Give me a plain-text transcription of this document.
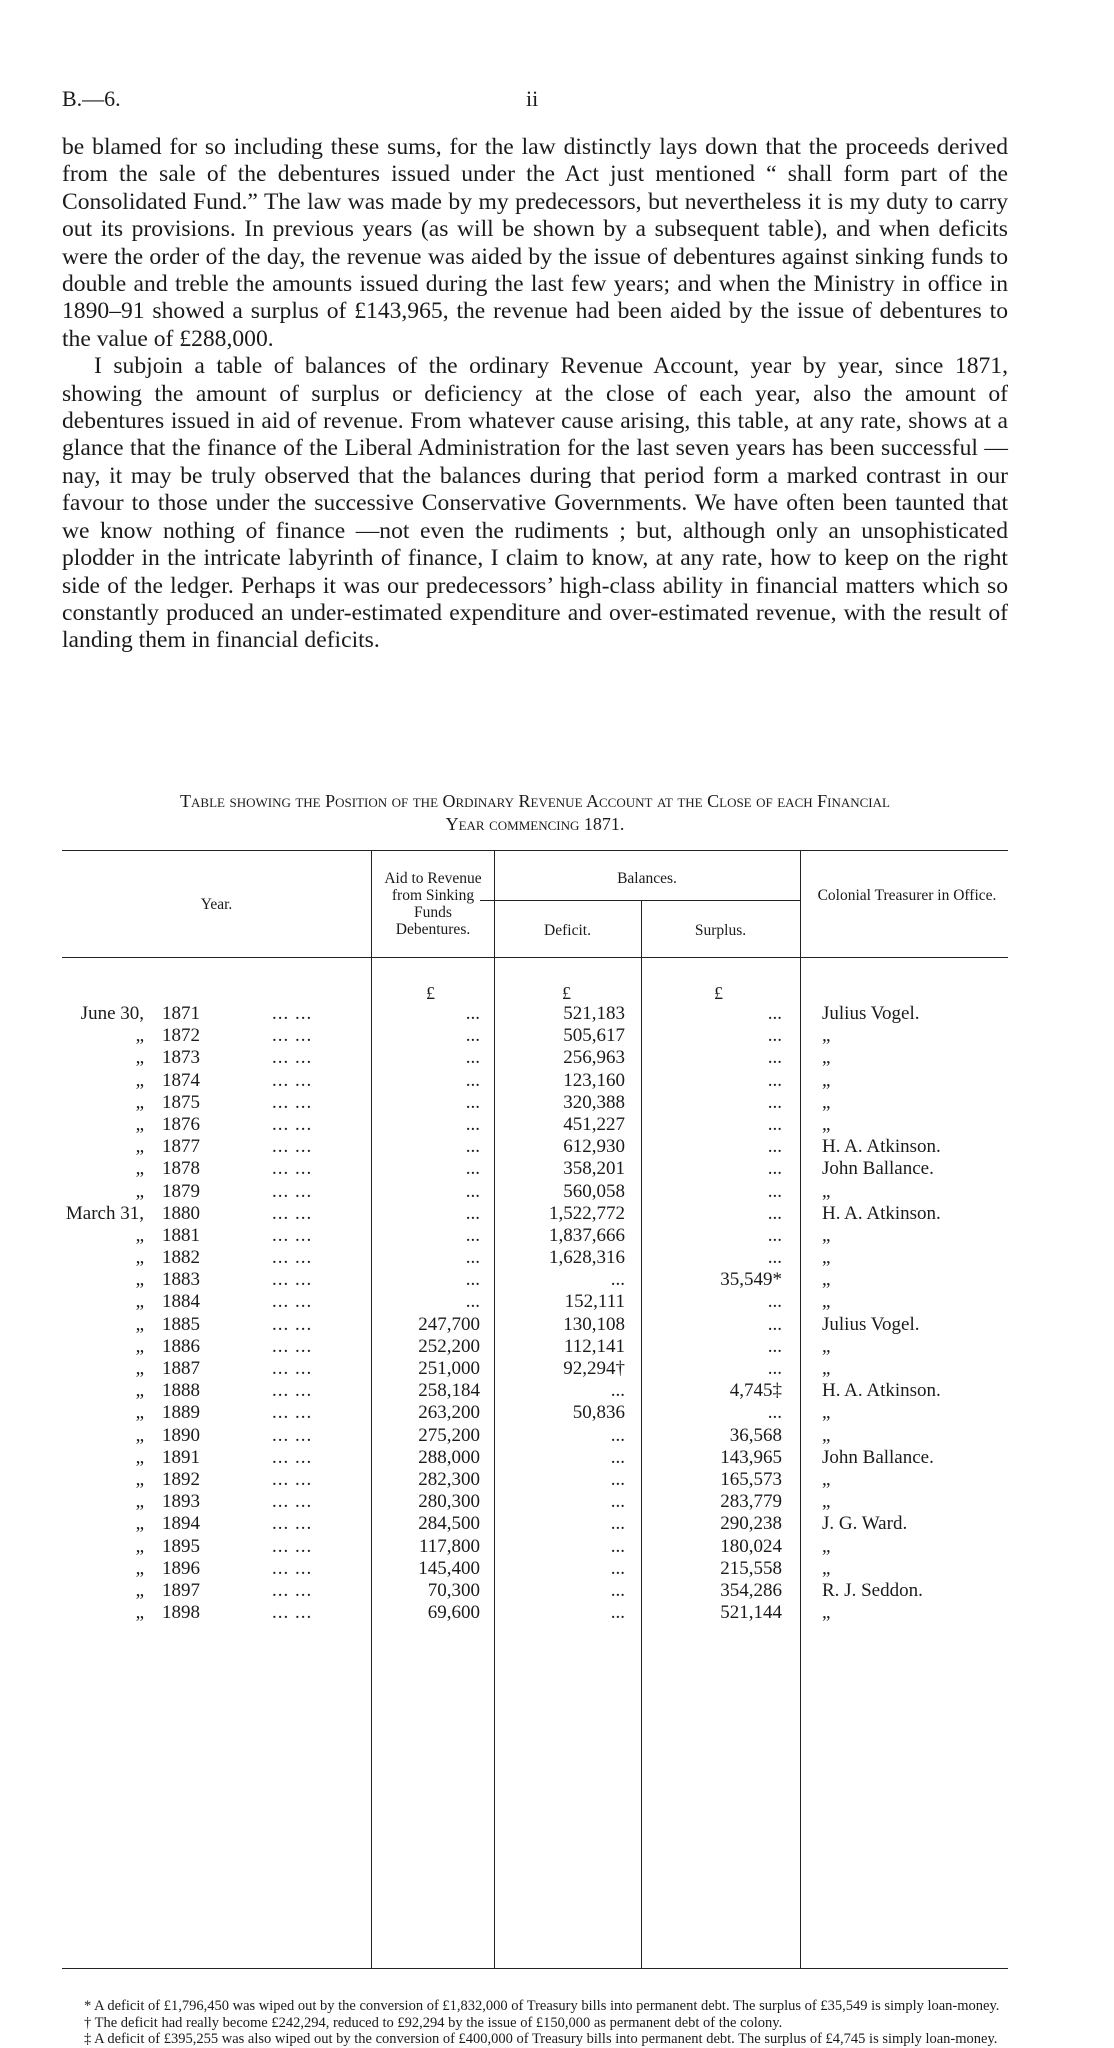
B.—6.	ii

be blamed for so including these sums, for the law distinctly lays down that the proceeds derived from the sale of the debentures issued under the Act just mentioned “ shall form part of the Consolidated Fund.” The law was made by my predecessors, but nevertheless it is my duty to carry out its provisions. In previous years (as will be shown by a subsequent table), and when deficits were the order of the day, the revenue was aided by the issue of debentures against sinking funds to double and treble the amounts issued during the last few years; and when the Ministry in office in 1890–91 showed a surplus of £143,965, the revenue had been aided by the issue of debentures to the value of £288,000.

I subjoin a table of balances of the ordinary Revenue Account, year by year, since 1871, showing the amount of surplus or deficiency at the close of each year, also the amount of debentures issued in aid of revenue. From whatever cause arising, this table, at any rate, shows at a glance that the finance of the Liberal Administration for the last seven years has been successful —nay, it may be truly observed that the balances during that period form a marked contrast in our favour to those under the successive Conservative Governments. We have often been taunted that we know nothing of finance —not even the rudiments ; but, although only an unsophisticated plodder in the intricate labyrinth of finance, I claim to know, at any rate, how to keep on the right side of the ledger. Perhaps it was our predecessors’ high-class ability in financial matters which so constantly produced an under-estimated expenditure and over-estimated revenue, with the result of landing them in financial deficits.

Table showing the Position of the Ordinary Revenue Account at the Close of each Financial
Year commencing 1871.
Year.
Aid to Revenue from Sinking Funds Debentures.
Balances.
Deficit.	Surplus.
Colonial Treasurer in Office.
£	£	£
June 30, 1871	... ...	...	521,183	... Julius Vogel.
„ 1872	... ...	...	505,617	... „
„ 1873	... ...	...	256,963	... „
„ 1874	... ...	...	123,160	... „
„ 1875	... ...	...	320,388	... „
„ 1876	... ...	...	451,227	... „
„ 1877	... ...	...	612,930	... H. A. Atkinson.
„ 1878	... ...	...	358,201	... John Ballance.
„ 1879	... ...	...	560,058	... „
March 31, 1880	... ...	...	1,522,772	... H. A. Atkinson.
„ 1881	... ...	...	1,837,666	... „
„ 1882	... ...	...	1,628,316	... „
„ 1883	... ...	...	...	35,549* „
„ 1884	... ...	...	152,111	... „
„ 1885	... ...	247,700	130,108	... Julius Vogel.
„ 1886	... ...	252,200	112,141	... „
„ 1887	... ...	251,000	92,294†	... „
„ 1888	... ...	258,184	...	4,745‡ H. A. Atkinson.
„ 1889	... ...	263,200	50,836	... „
„ 1890	... ...	275,200	...	36,568 „
„ 1891	... ...	288,000	...	143,965 John Ballance.
„ 1892	... ...	282,300	...	165,573 „
„ 1893	... ...	280,300	...	283,779 „
„ 1894	... ...	284,500	...	290,238 J. G. Ward.
„ 1895	... ...	117,800	...	180,024 „
„ 1896	... ...	145,400	...	215,558 „
„ 1897	... ...	70,300	...	354,286 R. J. Seddon.
„ 1898	... ...	69,600	...	521,144 „

* A deficit of £1,796,450 was wiped out by the conversion of £1,832,000 of Treasury bills into permanent debt. The surplus of £35,549 is simply loan-money.

† The deficit had really become £242,294, reduced to £92,294 by the issue of £150,000 as permanent debt of the colony.

‡ A deficit of £395,255 was also wiped out by the conversion of £400,000 of Treasury bills into permanent debt. The surplus of £4,745 is simply loan-money.
